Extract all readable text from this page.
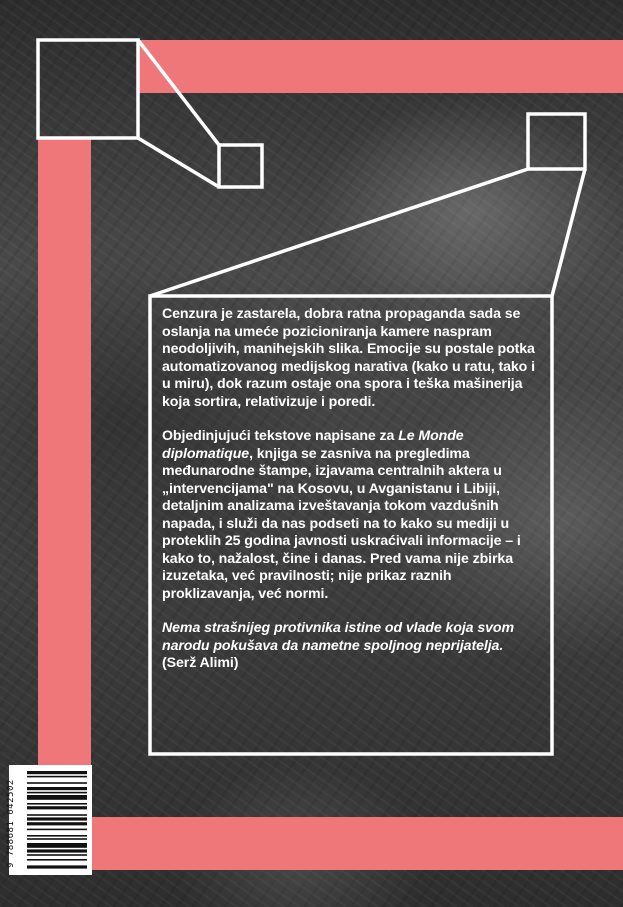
Cenzura je zastarela, dobra ratna propaganda sada se oslanja na umeće pozicioniranja kamere naspram neodoljivih, manihejskih slika. Emocije su postale potka automatizovanog medijskog narativa (kako u ratu, tako i u miru), dok razum ostaje ona spora i teška mašinerija koja sortira, relativizuje i poredi.

Objedinjujući tekstove napisane za Le Monde diplomatique, knjiga se zasniva na pregledima međunarodne štampe, izjavama centralnih aktera u „intervencijama" na Kosovu, u Avganistanu i Libiji, detaljnim analizama izveštavanja tokom vazdušnih napada, i služi da nas podseti na to kako su mediji u proteklih 25 godina javnosti uskraćivali informacije – i kako to, nažalost, čine i danas. Pred vama nije zbirka izuzetaka, već pravilnosti; nije prikaz raznih proklizavanja, već normi.

Nema strašnijeg protivnika istine od vlade koja svom narodu pokušava da nametne spoljnog neprijatelja. (Serž Alimi)

9 788681 042502
